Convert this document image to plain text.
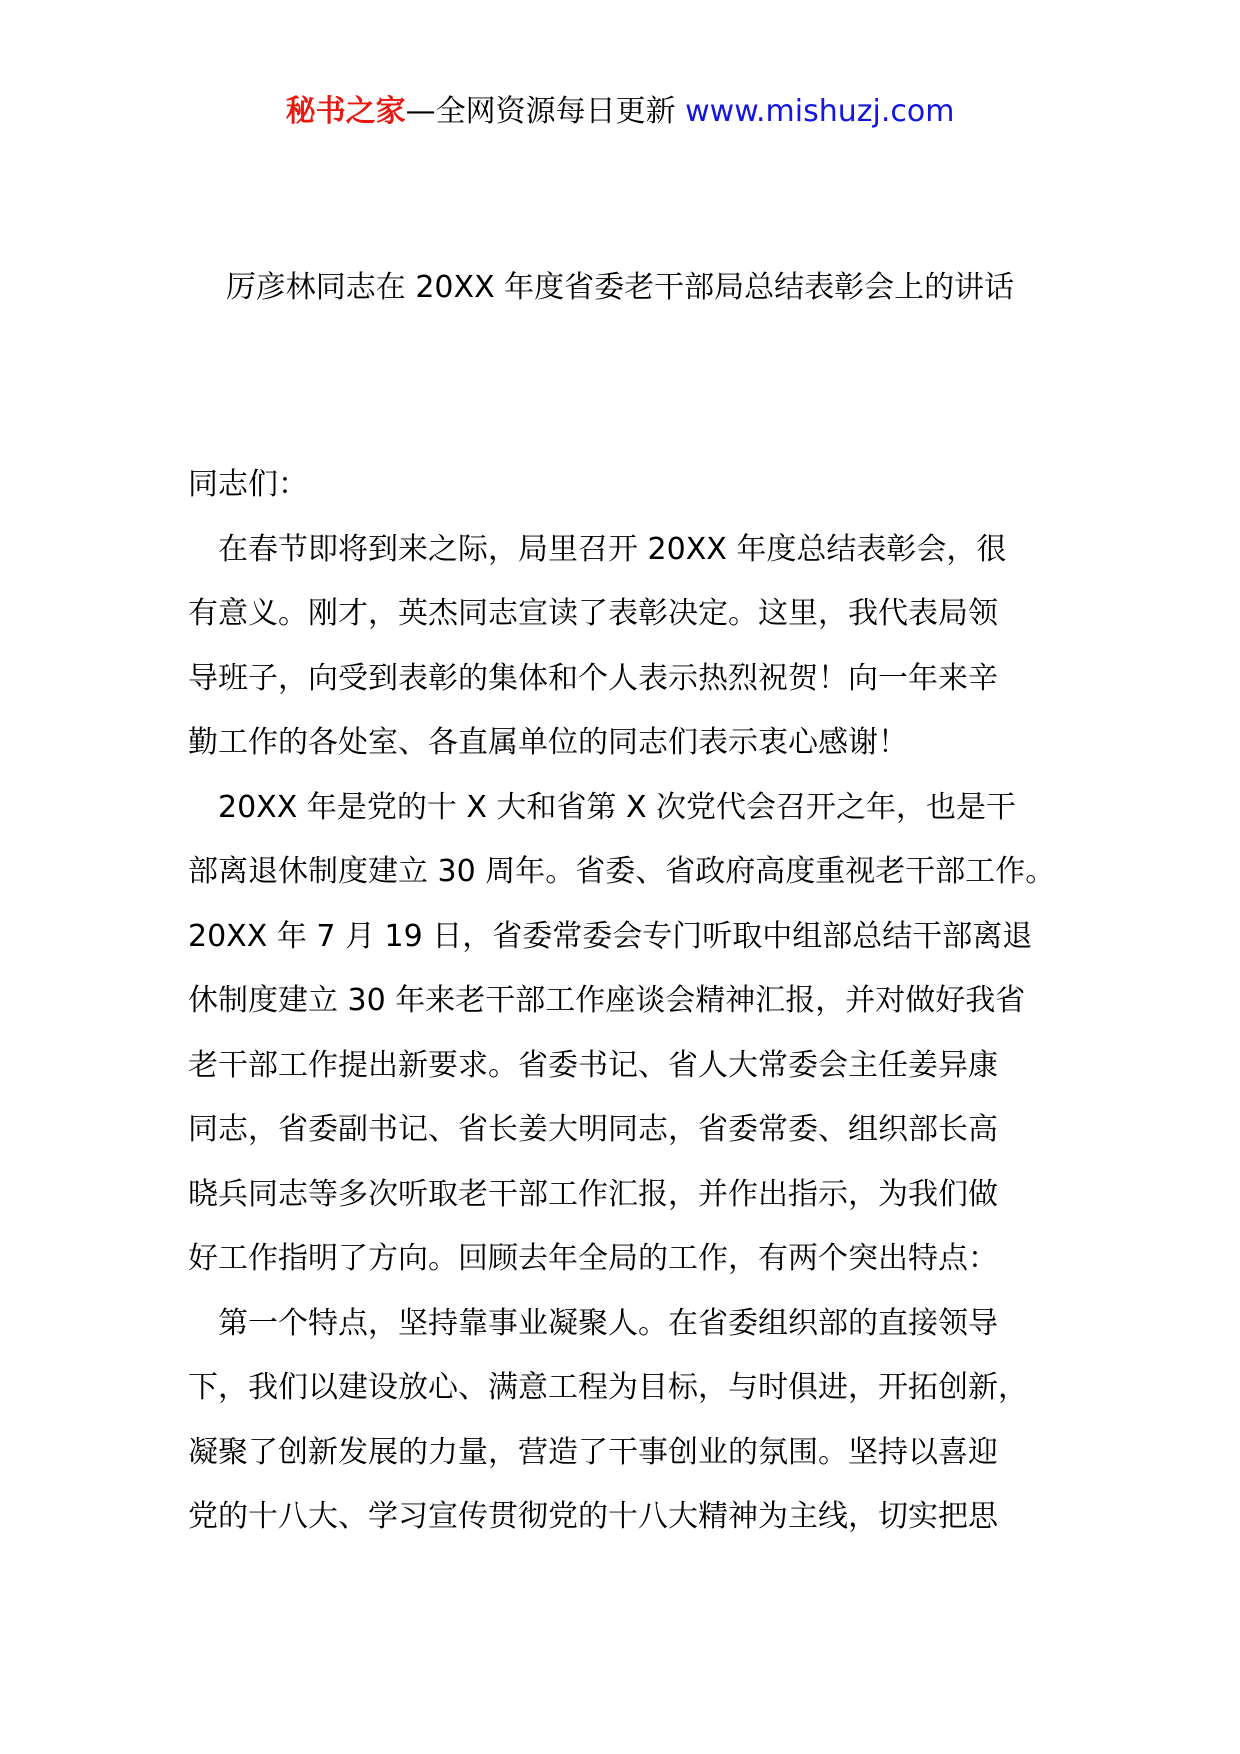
秘书之家—全网资源每日更新 www.mishuzj.com
厉彦林同志在 20XX 年度省委老干部局总结表彰会上的讲话
同志们：
　在春节即将到来之际，局里召开 20XX 年度总结表彰会，很
有意义。刚才，英杰同志宣读了表彰决定。这里，我代表局领
导班子，向受到表彰的集体和个人表示热烈祝贺！向一年来辛
勤工作的各处室、各直属单位的同志们表示衷心感谢！
　20XX 年是党的十 X 大和省第 X 次党代会召开之年，也是干
部离退休制度建立 30 周年。省委、省政府高度重视老干部工作。
20XX 年 7 月 19 日，省委常委会专门听取中组部总结干部离退
休制度建立 30 年来老干部工作座谈会精神汇报，并对做好我省
老干部工作提出新要求。省委书记、省人大常委会主任姜异康
同志，省委副书记、省长姜大明同志，省委常委、组织部长高
晓兵同志等多次听取老干部工作汇报，并作出指示，为我们做
好工作指明了方向。回顾去年全局的工作，有两个突出特点：
　第一个特点，坚持靠事业凝聚人。在省委组织部的直接领导
下，我们以建设放心、满意工程为目标，与时俱进，开拓创新，
凝聚了创新发展的力量，营造了干事创业的氛围。坚持以喜迎
党的十八大、学习宣传贯彻党的十八大精神为主线，切实把思
